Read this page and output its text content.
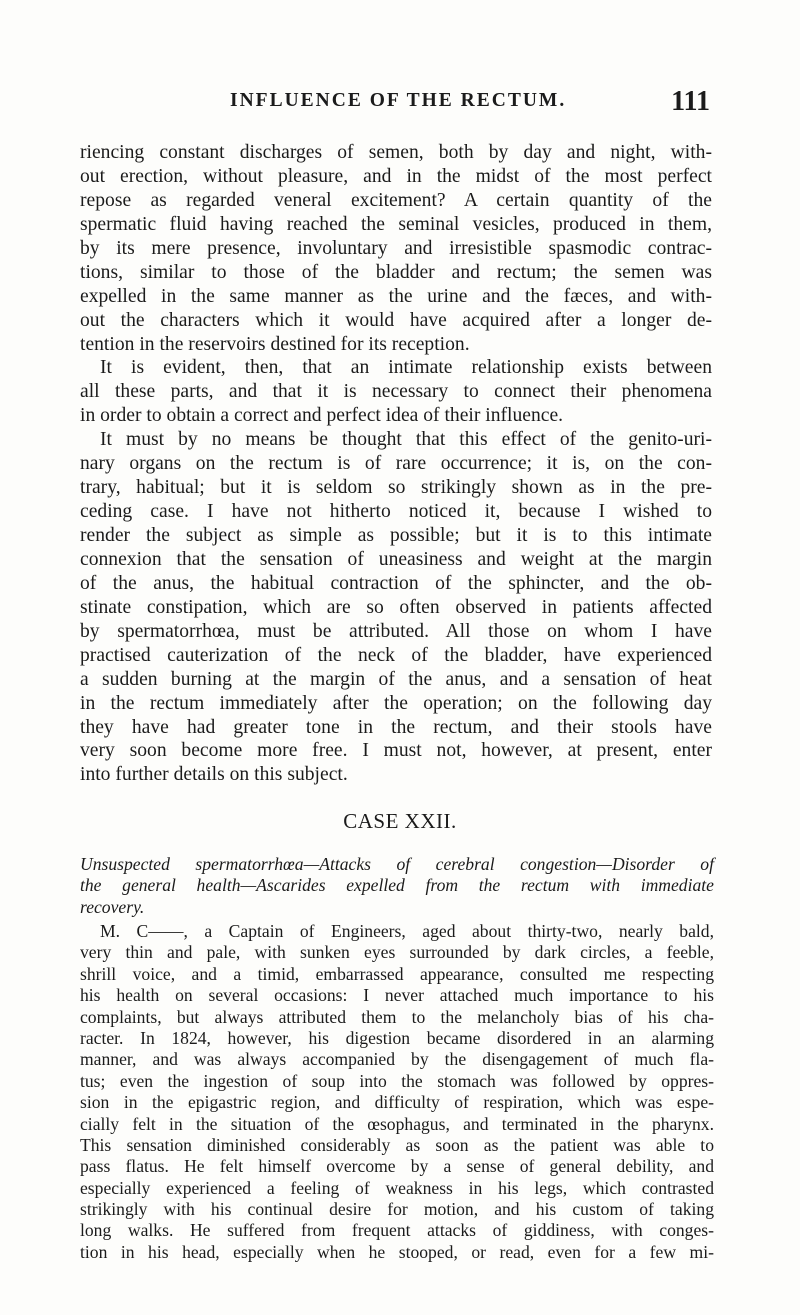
INFLUENCE OF THE RECTUM.	111
riencing constant discharges of semen, both by day and night, with-
out erection, without pleasure, and in the midst of the most perfect
repose as regarded veneral excitement? A certain quantity of the
spermatic fluid having reached the seminal vesicles, produced in them,
by its mere presence, involuntary and irresistible spasmodic contrac-
tions, similar to those of the bladder and rectum; the semen was
expelled in the same manner as the urine and the fæces, and with-
out the characters which it would have acquired after a longer de-
tention in the reservoirs destined for its reception.
It is evident, then, that an intimate relationship exists between
all these parts, and that it is necessary to connect their phenomena
in order to obtain a correct and perfect idea of their influence.
It must by no means be thought that this effect of the genito-uri-
nary organs on the rectum is of rare occurrence; it is, on the con-
trary, habitual; but it is seldom so strikingly shown as in the pre-
ceding case. I have not hitherto noticed it, because I wished to
render the subject as simple as possible; but it is to this intimate
connexion that the sensation of uneasiness and weight at the margin
of the anus, the habitual contraction of the sphincter, and the ob-
stinate constipation, which are so often observed in patients affected
by spermatorrhœa, must be attributed. All those on whom I have
practised cauterization of the neck of the bladder, have experienced
a sudden burning at the margin of the anus, and a sensation of heat
in the rectum immediately after the operation; on the following day
they have had greater tone in the rectum, and their stools have
very soon become more free. I must not, however, at present, enter
into further details on this subject.
CASE XXII.
Unsuspected spermatorrhœa—Attacks of cerebral congestion—Disorder of
the general health—Ascarides expelled from the rectum with immediate
recovery.
M. C——, a Captain of Engineers, aged about thirty-two, nearly bald,
very thin and pale, with sunken eyes surrounded by dark circles, a feeble,
shrill voice, and a timid, embarrassed appearance, consulted me respecting
his health on several occasions: I never attached much importance to his
complaints, but always attributed them to the melancholy bias of his cha-
racter. In 1824, however, his digestion became disordered in an alarming
manner, and was always accompanied by the disengagement of much fla-
tus; even the ingestion of soup into the stomach was followed by oppres-
sion in the epigastric region, and difficulty of respiration, which was espe-
cially felt in the situation of the œsophagus, and terminated in the pharynx.
This sensation diminished considerably as soon as the patient was able to
pass flatus. He felt himself overcome by a sense of general debility, and
especially experienced a feeling of weakness in his legs, which contrasted
strikingly with his continual desire for motion, and his custom of taking
long walks. He suffered from frequent attacks of giddiness, with conges-
tion in his head, especially when he stooped, or read, even for a few mi-
